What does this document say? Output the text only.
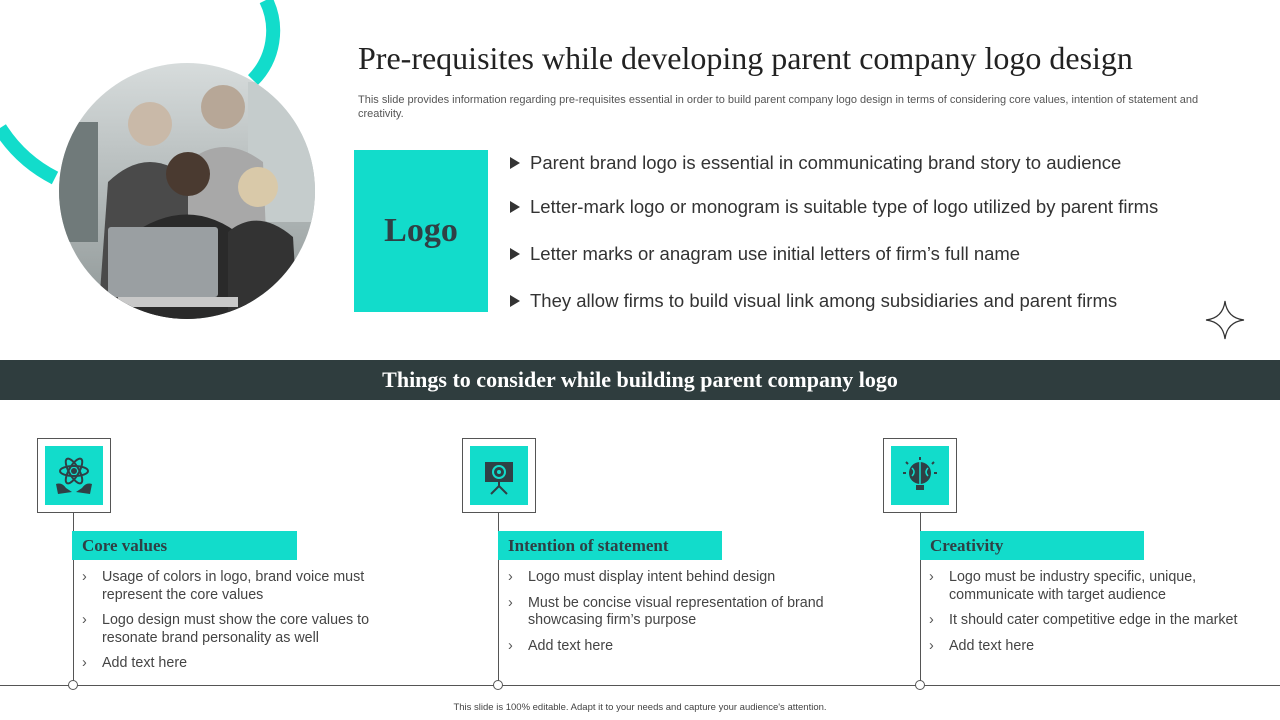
Pre-requisites while developing parent company logo design
This slide provides information regarding pre-requisites essential in order to build parent company logo design in terms of considering core values, intention of statement and creativity.
Logo
Parent brand logo is essential in communicating brand story to audience
Letter-mark logo or monogram is suitable type of logo utilized by parent firms
Letter marks or anagram use initial letters of firm’s full name
They allow firms to build visual link among subsidiaries and parent firms
Things to consider while building parent company logo
Core values
›	Usage of colors in logo, brand voice must represent the core values
›	Logo design must show the core values to resonate brand personality as well
›	Add text here
Intention of statement
›	Logo must display intent behind design
›	Must be concise visual representation of brand showcasing firm’s purpose
›	Add text here
Creativity
›	Logo must be industry specific, unique, communicate with target audience
›	It should cater competitive edge in the market
›	Add text here
This slide is 100% editable. Adapt it to your needs and capture your audience's attention.
